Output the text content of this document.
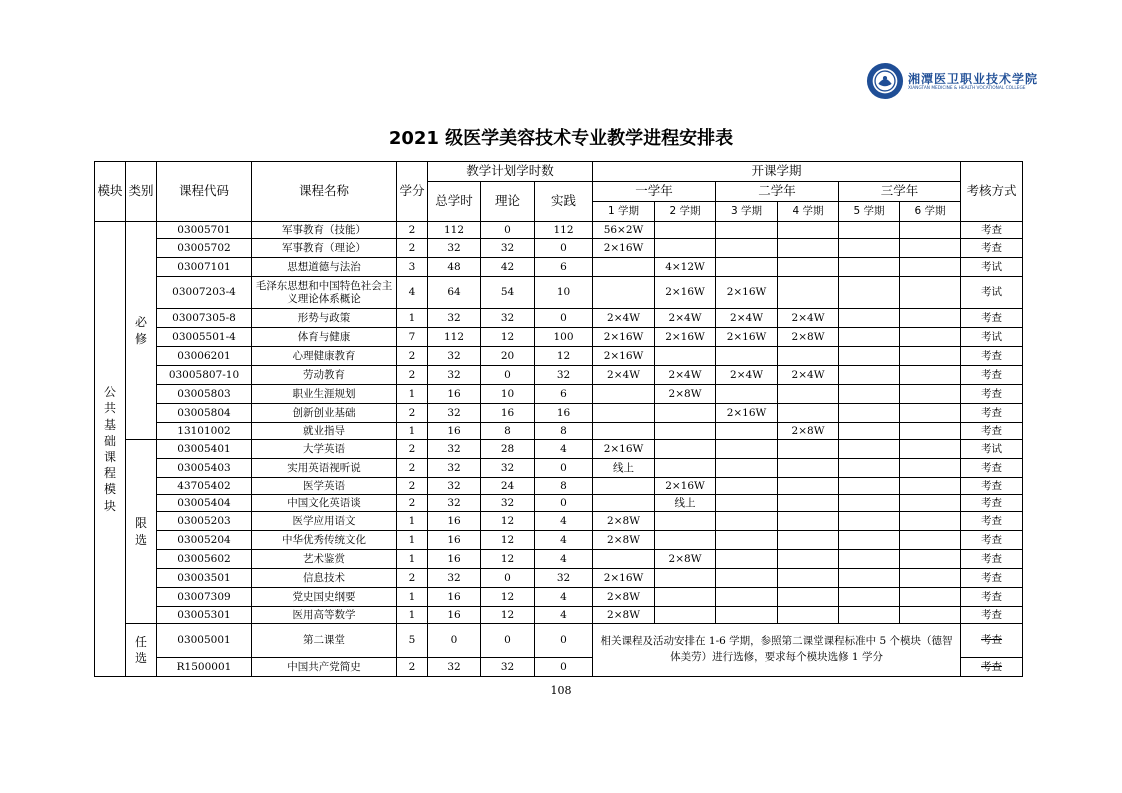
湘潭医卫职业技术学院
XIANGTAN MEDICINE & HEALTH VOCATIONAL COLLEGE
2021 级医学美容技术专业教学进程安排表
模块	类别	课程代码	课程名称	学分	教学计划学时数			开课学期						考核方式
					总学时	理论	实践	一学年		二学年		三学年		
								1 学期	2 学期	3 学期	4 学期	5 学期	6 学期	

公共基础课程模块	必修	03005701	军事教育（技能）	2	112	0	112	56×2W						考查
		03005702	军事教育（理论）	2	32	32	0	2×16W						考查
		03007101	思想道德与法治	3	48	42	6		4×12W					考试
		03007203-4	毛泽东思想和中国特色社会主义理论体系概论	4	64	54	10		2×16W	2×16W				考试
		03007305-8	形势与政策	1	32	32	0	2×4W	2×4W	2×4W	2×4W			考查
		03005501-4	体育与健康	7	112	12	100	2×16W	2×16W	2×16W	2×8W			考试
		03006201	心理健康教育	2	32	20	12	2×16W						考查
		03005807-10	劳动教育	2	32	0	32	2×4W	2×4W	2×4W	2×4W			考查
		03005803	职业生涯规划	1	16	10	6		2×8W					考查
		03005804	创新创业基础	2	32	16	16			2×16W				考查
		13101002	就业指导	1	16	8	8				2×8W			考查

	限选	03005401	大学英语	2	32	28	4	2×16W						考试
		03005403	实用英语视听说	2	32	32	0	线上						考查
		43705402	医学英语	2	32	24	8		2×16W					考查
		03005404	中国文化英语谈	2	32	32	0		线上					考查
		03005203	医学应用语文	1	16	12	4	2×8W						考查
		03005204	中华优秀传统文化	1	16	12	4	2×8W						考查
		03005602	艺术鉴赏	1	16	12	4		2×8W					考查
		03003501	信息技术	2	32	0	32	2×16W						考查
		03007309	党史国史纲要	1	16	12	4	2×8W						考查
		03005301	医用高等数学	1	16	12	4	2×8W						考查

	任选	03005001	第二课堂	5	0	0	0	相关课程及活动安排在 1-6 学期，参照第二课堂课程标准中 5 个模块（德智体美劳）进行选修，要求每个模块选修 1 学分						考查
		R1500001	中国共产党简史	2	32	32	0							考查
108
